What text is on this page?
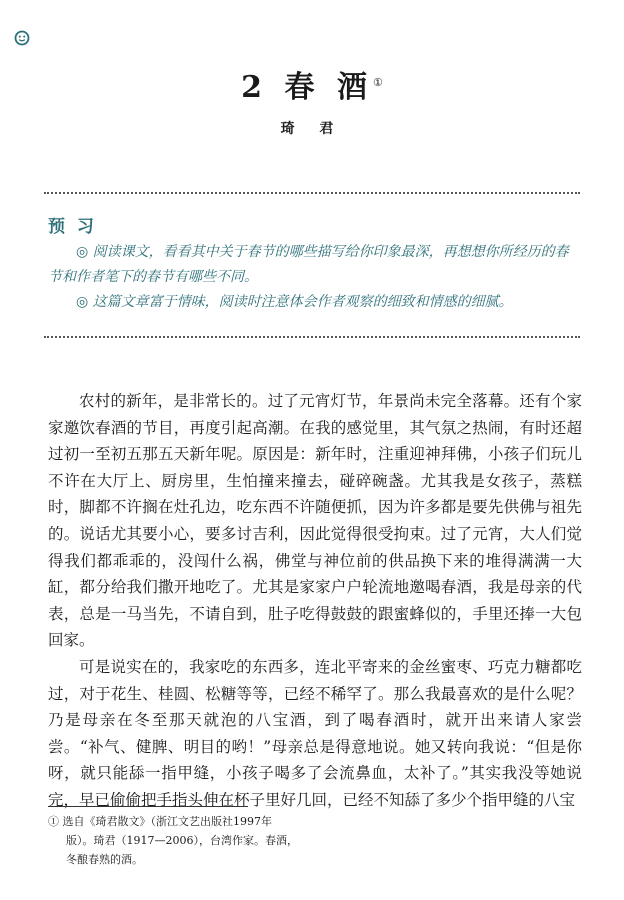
2 春 酒①
琦 君
预 习

◎ 阅读课文，看看其中关于春节的哪些描写给你印象最深，再想想你所经历的春节和作者笔下的春节有哪些不同。

◎ 这篇文章富于情味，阅读时注意体会作者观察的细致和情感的细腻。

农村的新年，是非常长的。过了元宵灯节，年景尚未完全落幕。还有个家家邀饮春酒的节目，再度引起高潮。在我的感觉里，其气氛之热闹，有时还超过初一至初五那五天新年呢。原因是：新年时，注重迎神拜佛，小孩子们玩儿不许在大厅上、厨房里，生怕撞来撞去，碰碎碗盏。尤其我是女孩子，蒸糕时，脚都不许搁在灶孔边，吃东西不许随便抓，因为许多都是要先供佛与祖先的。说话尤其要小心，要多讨吉利，因此觉得很受拘束。过了元宵，大人们觉得我们都乖乖的，没闯什么祸，佛堂与神位前的供品换下来的堆得满满一大缸，都分给我们撒开地吃了。尤其是家家户户轮流地邀喝春酒，我是母亲的代表，总是一马当先，不请自到，肚子吃得鼓鼓的跟蜜蜂似的，手里还捧一大包回家。

可是说实在的，我家吃的东西多，连北平寄来的金丝蜜枣、巧克力糖都吃过，对于花生、桂圆、松糖等等，已经不稀罕了。那么我最喜欢的是什么呢？乃是母亲在冬至那天就泡的八宝酒，到了喝春酒时，就开出来请人家尝尝。“补气、健脾、明目的哟！”母亲总是得意地说。她又转向我说：“但是你呀，就只能舔一指甲缝，小孩子喝多了会流鼻血，太补了。”其实我没等她说完，早已偷偷把手指头伸在杯子里好几回，已经不知舔了多少个指甲缝的八宝

① 选自《琦君散文》（浙江文艺出版社1997年
版）。琦君（1917—2006），台湾作家。春酒，
冬酿春熟的酒。
